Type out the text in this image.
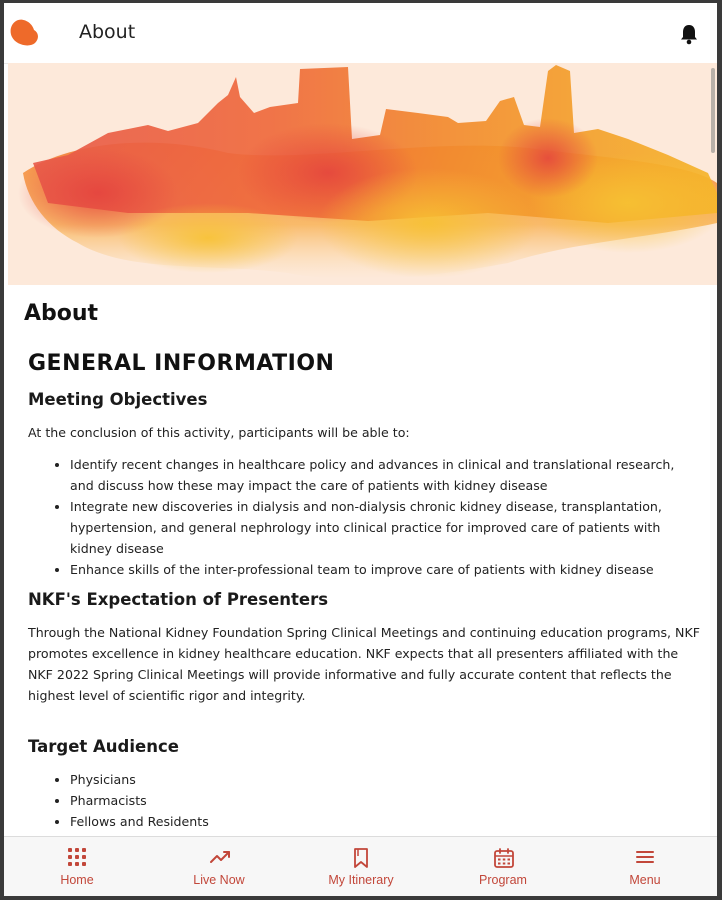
About
About
GENERAL INFORMATION
Meeting Objectives

At the conclusion of this activity, participants will be able to:

• Identify recent changes in healthcare policy and advances in clinical and translational research, and discuss how these may impact the care of patients with kidney disease
• Integrate new discoveries in dialysis and non-dialysis chronic kidney disease, transplantation, hypertension, and general nephrology into clinical practice for improved care of patients with kidney disease
• Enhance skills of the inter-professional team to improve care of patients with kidney disease
NKF's Expectation of Presenters

Through the National Kidney Foundation Spring Clinical Meetings and continuing education programs, NKF promotes excellence in kidney healthcare education. NKF expects that all presenters affiliated with the NKF 2022 Spring Clinical Meetings will provide informative and fully accurate content that reflects the highest level of scientific rigor and integrity.

Target Audience
• Physicians
• Pharmacists
• Fellows and Residents
Home	Live Now	My Itinerary	Program	Menu
